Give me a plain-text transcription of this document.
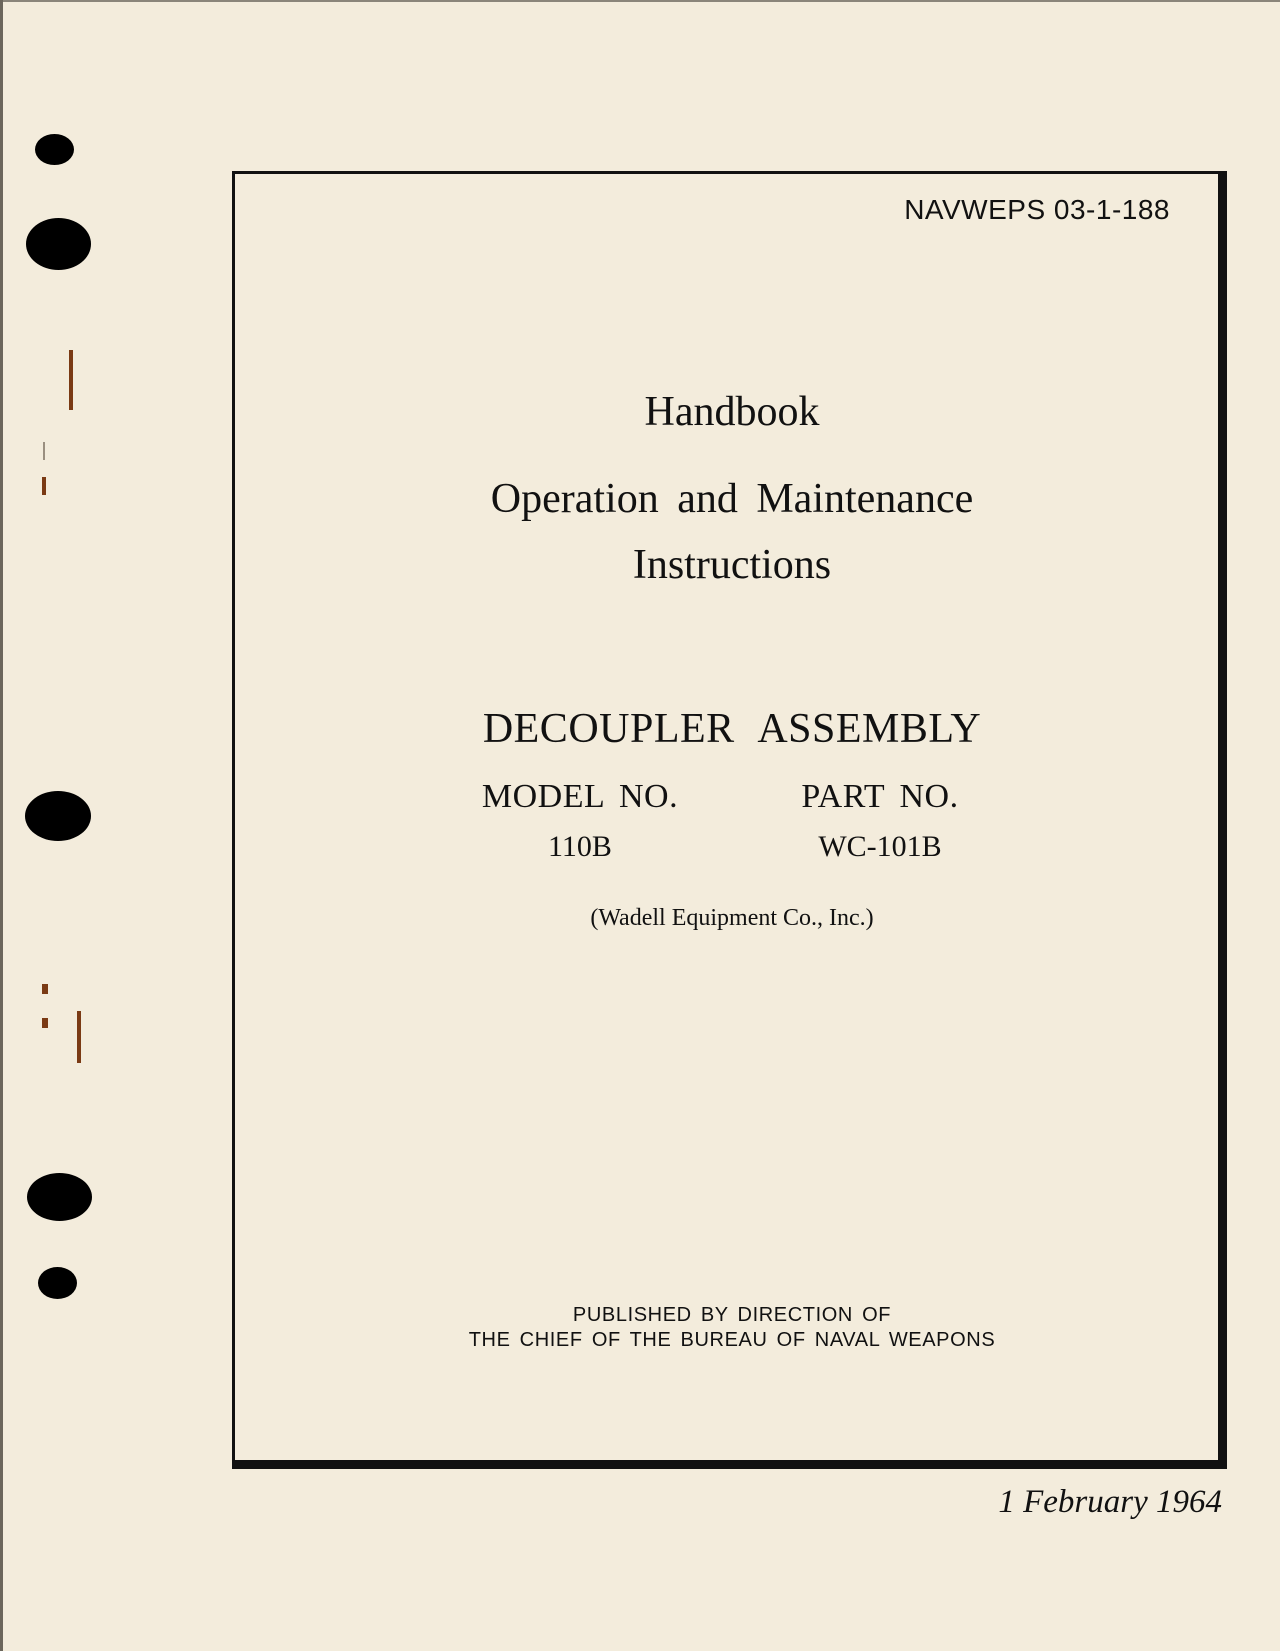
NAVWEPS 03-1-188
Handbook
Operation and Maintenance
Instructions
DECOUPLER ASSEMBLY
MODEL NO.
110B
PART NO.
WC-101B
(Wadell Equipment Co., Inc.)
PUBLISHED BY DIRECTION OF
THE CHIEF OF THE BUREAU OF NAVAL WEAPONS
1 February 1964
